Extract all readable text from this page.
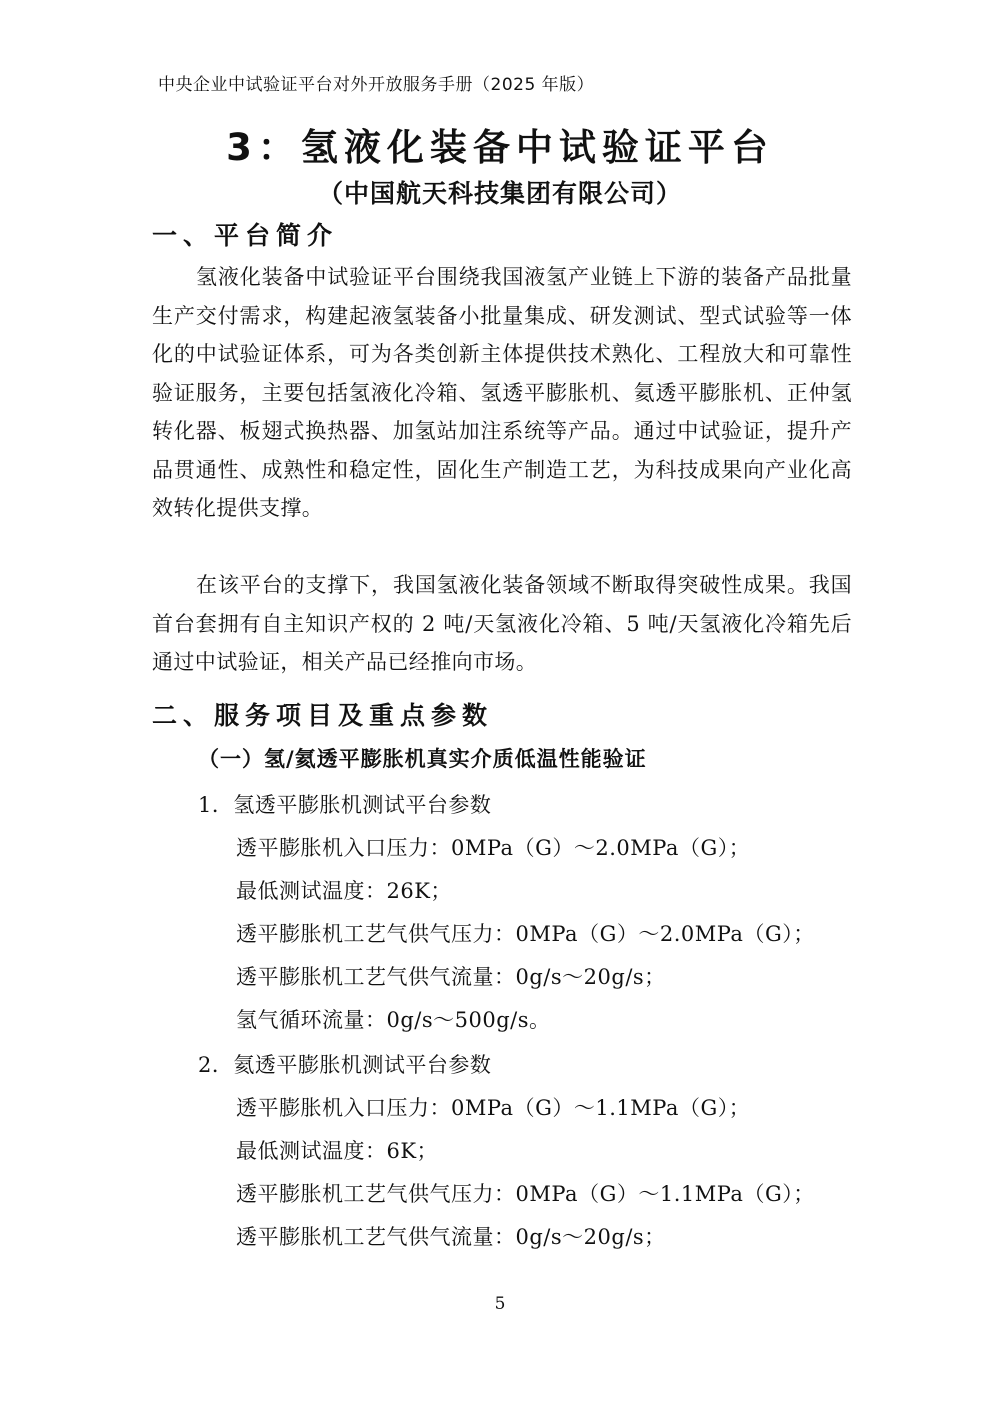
中央企业中试验证平台对外开放服务手册（2025 年版）
3：氢液化装备中试验证平台
（中国航天科技集团有限公司）
一、平台简介

氢液化装备中试验证平台围绕我国液氢产业链上下游的装备产品批量生产交付需求，构建起液氢装备小批量集成、研发测试、型式试验等一体化的中试验证体系，可为各类创新主体提供技术熟化、工程放大和可靠性验证服务，主要包括氢液化冷箱、氢透平膨胀机、氦透平膨胀机、正仲氢转化器、板翅式换热器、加氢站加注系统等产品。通过中试验证，提升产品贯通性、成熟性和稳定性，固化生产制造工艺，为科技成果向产业化高效转化提供支撑。

在该平台的支撑下，我国氢液化装备领域不断取得突破性成果。我国首台套拥有自主知识产权的 2 吨/天氢液化冷箱、5 吨/天氢液化冷箱先后通过中试验证，相关产品已经推向市场。

二、服务项目及重点参数
（一）氢/氦透平膨胀机真实介质低温性能验证
1．氢透平膨胀机测试平台参数
透平膨胀机入口压力：0MPa（G）～2.0MPa（G）；
最低测试温度：26K；
透平膨胀机工艺气供气压力：0MPa（G）～2.0MPa（G）；
透平膨胀机工艺气供气流量：0g/s～20g/s；
氢气循环流量：0g/s～500g/s。
2．氦透平膨胀机测试平台参数
透平膨胀机入口压力：0MPa（G）～1.1MPa（G）；
最低测试温度：6K；
透平膨胀机工艺气供气压力：0MPa（G）～1.1MPa（G）；
透平膨胀机工艺气供气流量：0g/s～20g/s；
5
